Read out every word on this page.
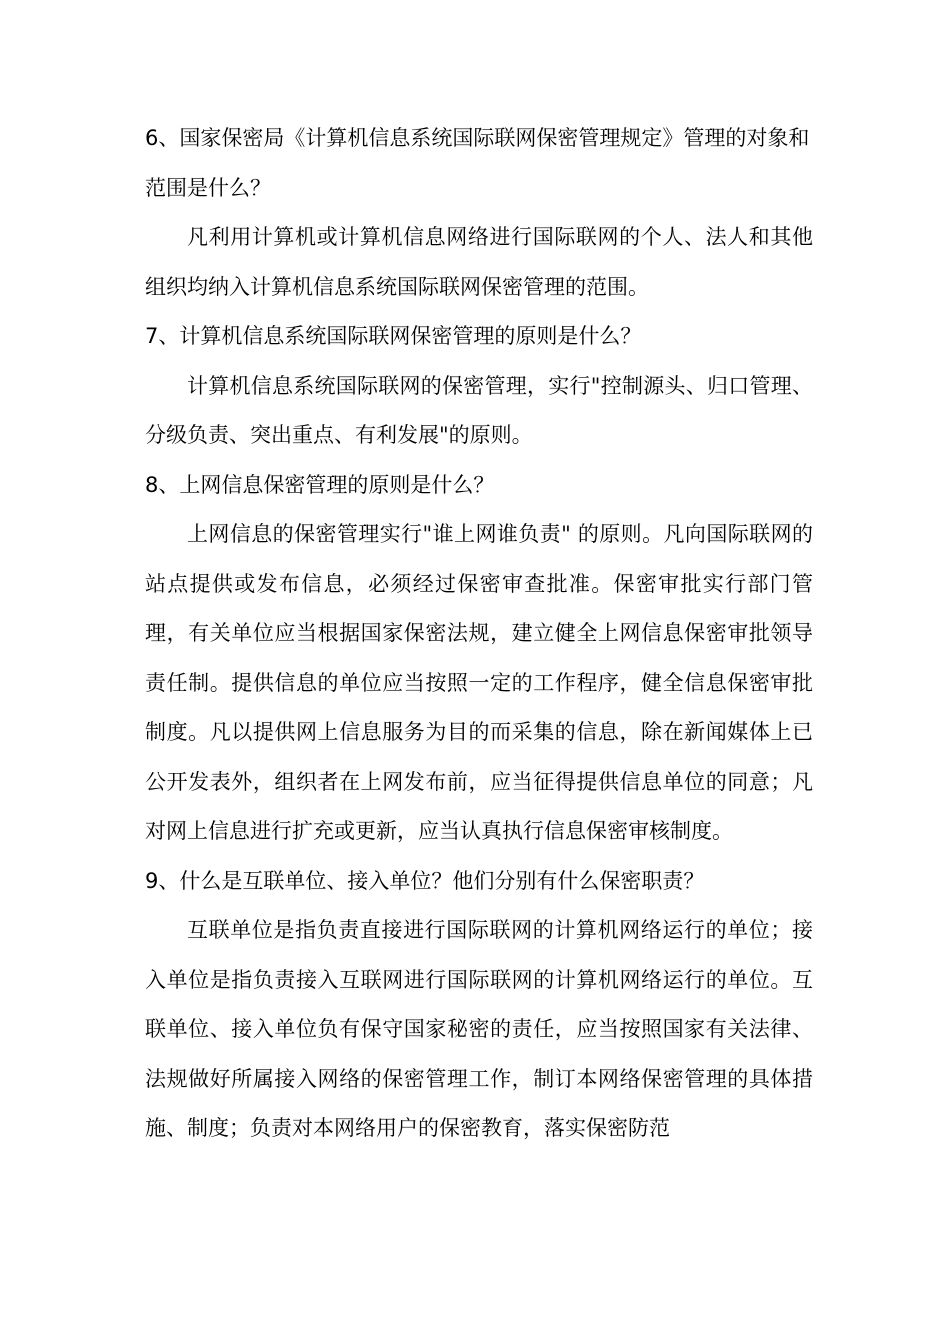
6、国家保密局《计算机信息系统国际联网保密管理规定》管理的对象和范围是什么？

凡利用计算机或计算机信息网络进行国际联网的个人、法人和其他组织均纳入计算机信息系统国际联网保密管理的范围。

7、计算机信息系统国际联网保密管理的原则是什么？

计算机信息系统国际联网的保密管理，实行"控制源头、归口管理、分级负责、突出重点、有利发展"的原则。

8、上网信息保密管理的原则是什么？

上网信息的保密管理实行"谁上网谁负责" 的原则。凡向国际联网的站点提供或发布信息，必须经过保密审查批准。保密审批实行部门管理，有关单位应当根据国家保密法规，建立健全上网信息保密审批领导责任制。提供信息的单位应当按照一定的工作程序，健全信息保密审批制度。凡以提供网上信息服务为目的而采集的信息，除在新闻媒体上已公开发表外，组织者在上网发布前，应当征得提供信息单位的同意；凡对网上信息进行扩充或更新，应当认真执行信息保密审核制度。

9、什么是互联单位、接入单位？他们分别有什么保密职责？

互联单位是指负责直接进行国际联网的计算机网络运行的单位；接入单位是指负责接入互联网进行国际联网的计算机网络运行的单位。互联单位、接入单位负有保守国家秘密的责任，应当按照国家有关法律、法规做好所属接入网络的保密管理工作，制订本网络保密管理的具体措施、制度；负责对本网络用户的保密教育，落实保密防范
